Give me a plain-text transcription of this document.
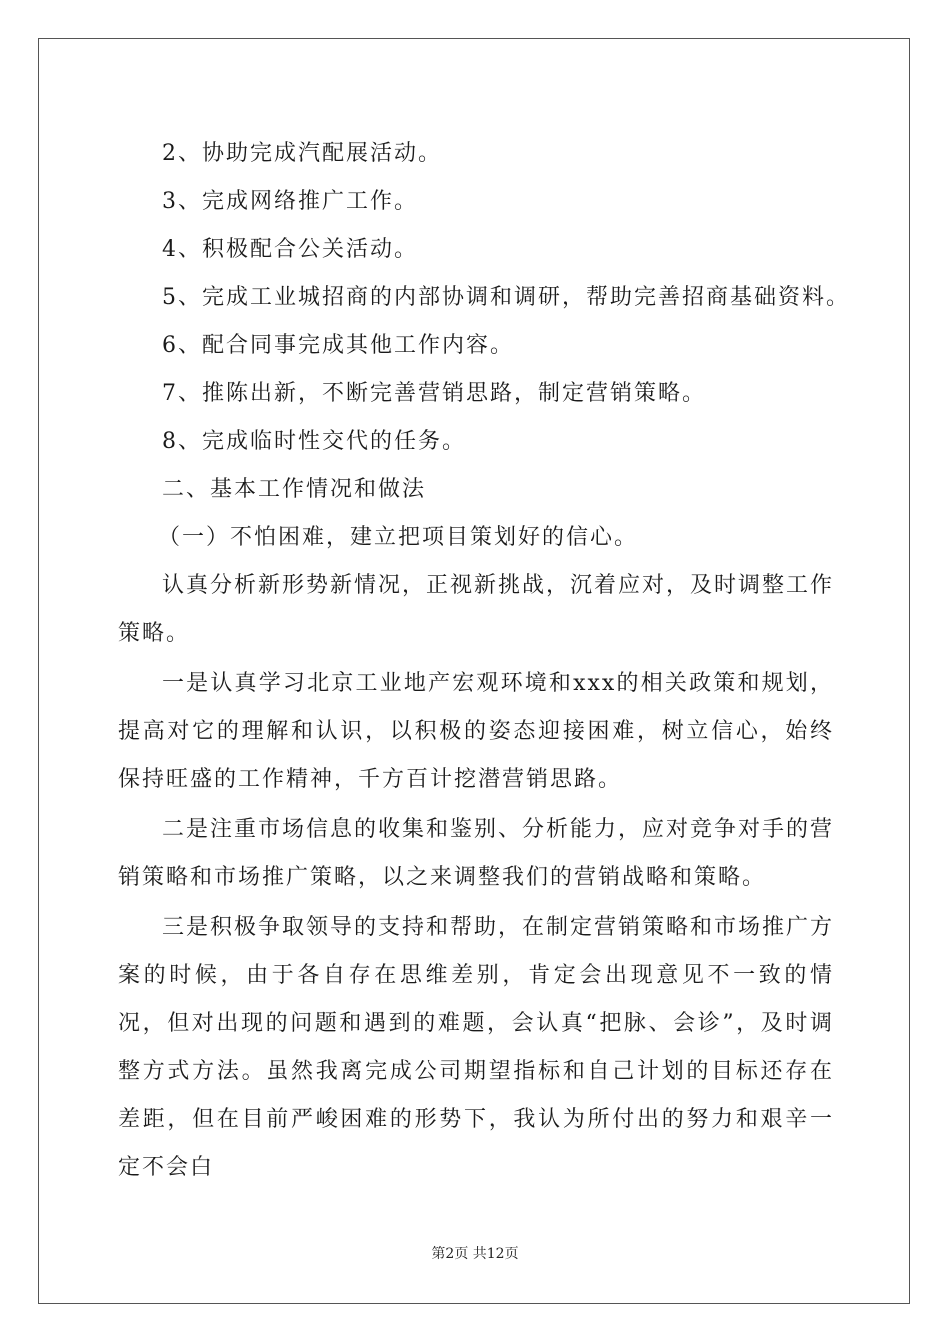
2、协助完成汽配展活动。
3、完成网络推广工作。
4、积极配合公关活动。
5、完成工业城招商的内部协调和调研，帮助完善招商基础资料。
6、配合同事完成其他工作内容。
7、推陈出新，不断完善营销思路，制定营销策略。
8、完成临时性交代的任务。
二、基本工作情况和做法
（一）不怕困难，建立把项目策划好的信心。
认真分析新形势新情况，正视新挑战，沉着应对，及时调整工作策略。
一是认真学习北京工业地产宏观环境和xxx的相关政策和规划，提高对它的理解和认识，以积极的姿态迎接困难，树立信心，始终保持旺盛的工作精神，千方百计挖潜营销思路。
二是注重市场信息的收集和鉴别、分析能力，应对竞争对手的营销策略和市场推广策略，以之来调整我们的营销战略和策略。
三是积极争取领导的支持和帮助，在制定营销策略和市场推广方案的时候，由于各自存在思维差别，肯定会出现意见不一致的情况，但对出现的问题和遇到的难题，会认真“把脉、会诊”，及时调整方式方法。虽然我离完成公司期望指标和自己计划的目标还存在差距，但在目前严峻困难的形势下，我认为所付出的努力和艰辛一定不会白
第2页 共12页
